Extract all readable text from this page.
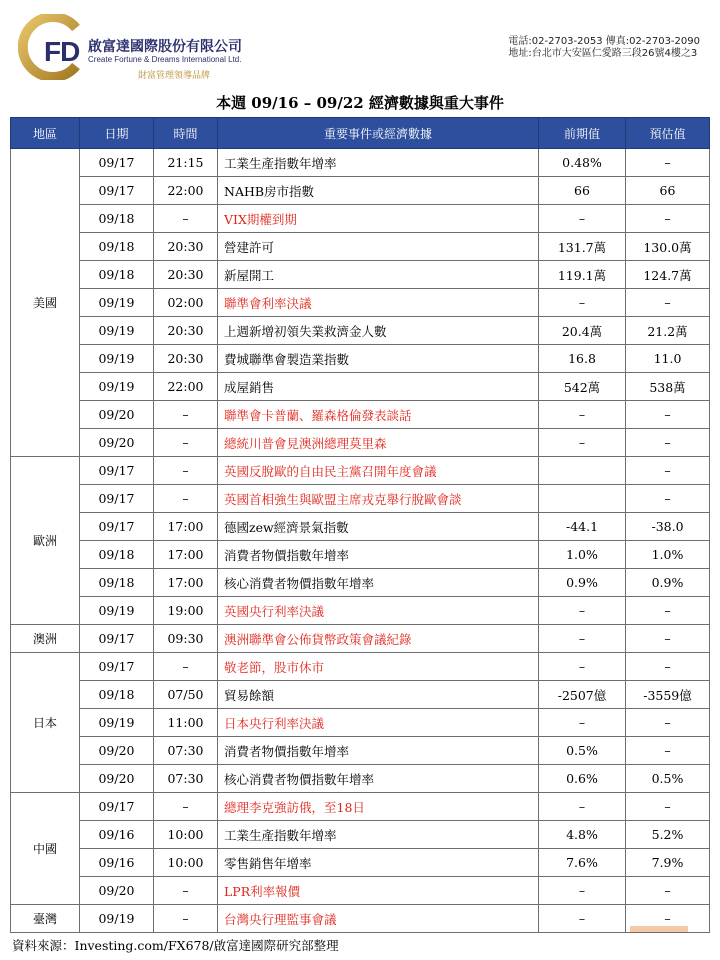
FD 啟富達國際股份有限公司
Create Fortune & Dreams International Ltd.
財富管理領導品牌
電話:02-2703-2053 傳真:02-2703-2090
地址:台北市大安區仁愛路三段26號4樓之3
本週 09/16 – 09/22 經濟數據與重大事件
地區	日期	時間	重要事件或經濟數據	前期值	預估值
美國	09/17	21:15	工業生產指數年增率	0.48%	–
	09/17	22:00	NAHB房市指數	66	66
	09/18	–	VIX期權到期	–	–
	09/18	20:30	營建許可	131.7萬	130.0萬
	09/18	20:30	新屋開工	119.1萬	124.7萬
	09/19	02:00	聯準會利率決議	–	–
	09/19	20:30	上週新增初領失業救濟金人數	20.4萬	21.2萬
	09/19	20:30	費城聯準會製造業指數	16.8	11.0
	09/19	22:00	成屋銷售	542萬	538萬
	09/20	–	聯準會卡普蘭、羅森格倫發表談話	–	–
	09/20	–	總統川普會見澳洲總理莫里森	–	–
歐洲	09/17	–	英國反脫歐的自由民主黨召開年度會議		–
	09/17	–	英國首相強生與歐盟主席戎克舉行脫歐會談		–
	09/17	17:00	德國zew經濟景氣指數	-44.1	-38.0
	09/18	17:00	消費者物價指數年增率	1.0%	1.0%
	09/18	17:00	核心消費者物價指數年增率	0.9%	0.9%
	09/19	19:00	英國央行利率決議	–	–
澳洲	09/17	09:30	澳洲聯準會公佈貨幣政策會議紀錄	–	–
日本	09/17	–	敬老節，股市休市	–	–
	09/18	07/50	貿易餘額	-2507億	-3559億
	09/19	11:00	日本央行利率決議	–	–
	09/20	07:30	消費者物價指數年增率	0.5%	–
	09/20	07:30	核心消費者物價指數年增率	0.6%	0.5%
中國	09/17	–	總理李克強訪俄，至18日	–	–
	09/16	10:00	工業生產指數年增率	4.8%	5.2%
	09/16	10:00	零售銷售年增率	7.6%	7.9%
	09/20	–	LPR利率報價	–	–
臺灣	09/19	–	台灣央行理監事會議	–	–
資料來源：Investing.com/FX678/啟富達國際研究部整理
